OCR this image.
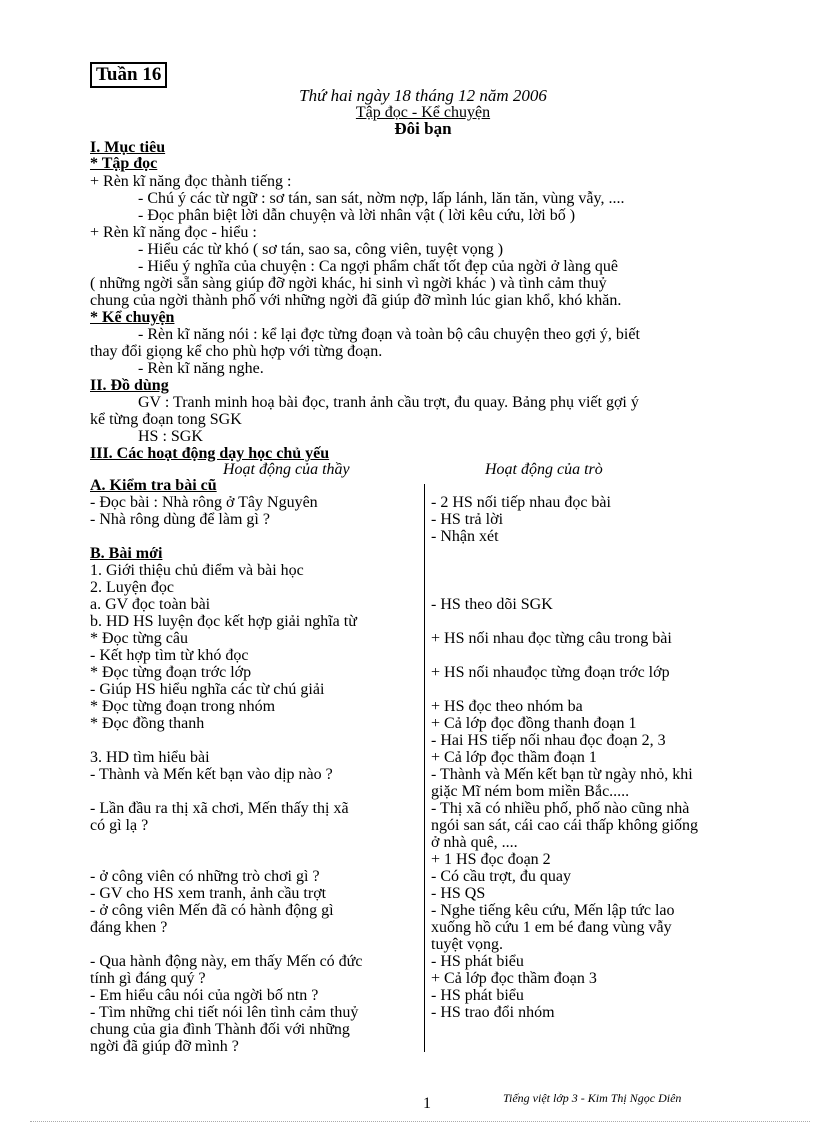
Tuần 16
Thứ hai ngày 18 tháng 12 năm 2006
Tập đọc - Kể chuyện
Đôi bạn
I. Mục tiêu
* Tập đọc
+ Rèn kĩ năng đọc thành tiếng :
- Chú ý các từ ngữ : sơ tán, san sát, nờm nợp, lấp lánh, lăn tăn, vùng vẫy, ....
- Đọc phân biệt lời dẫn chuyện và lời nhân vật ( lời kêu cứu, lời bố )
+ Rèn kĩ năng đọc - hiểu :
- Hiểu các từ khó ( sơ tán, sao sa, công viên, tuyệt vọng )
- Hiểu ý nghĩa của chuyện : Ca ngợi phẩm chất tốt đẹp của ngời ở làng quê
( những ngời sẵn sàng giúp đỡ ngời khác, hi sinh vì ngời khác ) và tình cảm thuỷ
chung của ngời thành phố với những ngời đã giúp đỡ mình lúc gian khổ, khó khăn.
* Kể chuyện
- Rèn kĩ năng nói : kể lại đợc từng đoạn và toàn bộ câu chuyện theo gợi ý, biết
thay đổi giọng kể cho phù hợp với từng đoạn.
- Rèn kĩ năng nghe.
II. Đồ dùng
GV : Tranh minh hoạ bài đọc, tranh ảnh cầu trợt, đu quay. Bảng phụ viết gợi ý
kể từng đoạn tong SGK
HS : SGK
III. Các hoạt động dạy học chủ yếu
Hoạt động của thầy	Hoạt động của trò
A. Kiểm tra bài cũ
- Đọc bài : Nhà rông ở Tây Nguyên
- Nhà rông dùng để làm gì ?
B. Bài mới
1. Giới thiệu chủ điểm và bài học
2. Luyện đọc
a. GV đọc toàn bài
b. HD HS luyện đọc kết hợp giải nghĩa từ
* Đọc từng câu
- Kết hợp tìm từ khó đọc
* Đọc từng đoạn trớc lớp
- Giúp HS hiểu nghĩa các từ chú giải
* Đọc từng đoạn trong nhóm
* Đọc đồng thanh
3. HD tìm hiểu bài
- Thành và Mến kết bạn vào dịp nào ?
- Lần đầu ra thị xã chơi, Mến thấy thị xã
có gì lạ ?
- ở công viên có những trò chơi gì ?
- GV cho HS xem tranh, ảnh cầu trợt
- ở công viên Mến đã có hành động gì
đáng khen ?
- Qua hành động này, em thấy Mến có đức
tính gì đáng quý ?
- Em hiểu câu nói của ngời bố ntn ?
- Tìm những chi tiết nói lên tình cảm thuỷ
chung của gia đình Thành đối với những
ngời đã giúp đỡ mình ?
- 2 HS nối tiếp nhau đọc bài
- HS trả lời
- Nhận xét
- HS theo dõi SGK
+ HS nối nhau đọc từng câu trong bài
+ HS nối nhauđọc từng đoạn trớc lớp
+ HS đọc theo nhóm ba
+ Cả lớp đọc đồng thanh đoạn 1
- Hai HS tiếp nối nhau đọc đoạn 2, 3
+ Cả lớp đọc thầm đoạn 1
- Thành và Mến kết bạn từ ngày nhỏ, khi
giặc Mĩ ném bom miền Bắc.....
- Thị xã có nhiều phố, phố nào cũng nhà
ngói san sát, cái cao cái thấp không giống
ở nhà quê, ....
+ 1 HS đọc đoạn 2
- Có cầu trợt, đu quay
- HS QS
- Nghe tiếng kêu cứu, Mến lập tức lao
xuống hồ cứu 1 em bé đang vùng vẫy
tuyệt vọng.
- HS phát biểu
+ Cả lớp đọc thầm đoạn 3
- HS phát biểu
- HS trao đổi nhóm
1	Tiếng việt lớp 3 - Kim Thị Ngọc Diên
